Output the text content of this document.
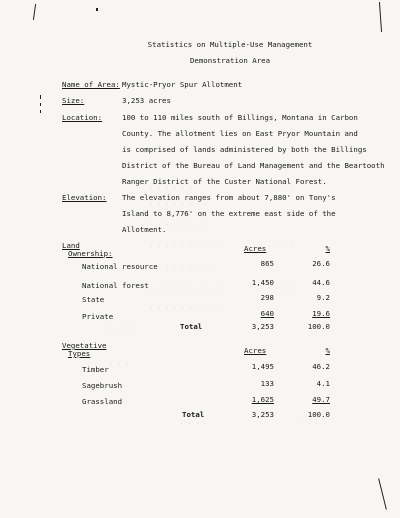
· · · · · ·
· · · · · · · ·
· · · · · · · ·
· · · · · · · · · ·
· · · · · · · · ·
· · · · · · · · · ·
· · · · · · · · · ·
· · · · ·
· · · · ·
· · · · ·
· · · ·
· · ·
· · · ·	· · · ·
Statistics on Multiple-Use Management
Demonstration Area
Name of Area: Mystic-Pryor Spur Allotment
Size:	3,253 acres
Location:	100 to 110 miles south of Billings, Montana in Carbon
County. The allotment lies on East Pryor Mountain and
is comprised of lands administered by both the Billings
District of the Bureau of Land Management and the Beartooth
Ranger District of the Custer National Forest.
Elevation: The elevation ranges from about 7,880' on Tony's
Island to 8,776' on the extreme east side of the
Allotment.
Land
Ownership:
Acres	%
National resource	865	26.6
National forest	1,450	44.6
State	298	9.2
Private	640	19.6
Total	3,253	100.0
Vegetative
Types	Acres	%
Timber	1,495	46.2
Sagebrush	133	4.1
Grassland	1,625	49.7
Total	3,253	100.0
